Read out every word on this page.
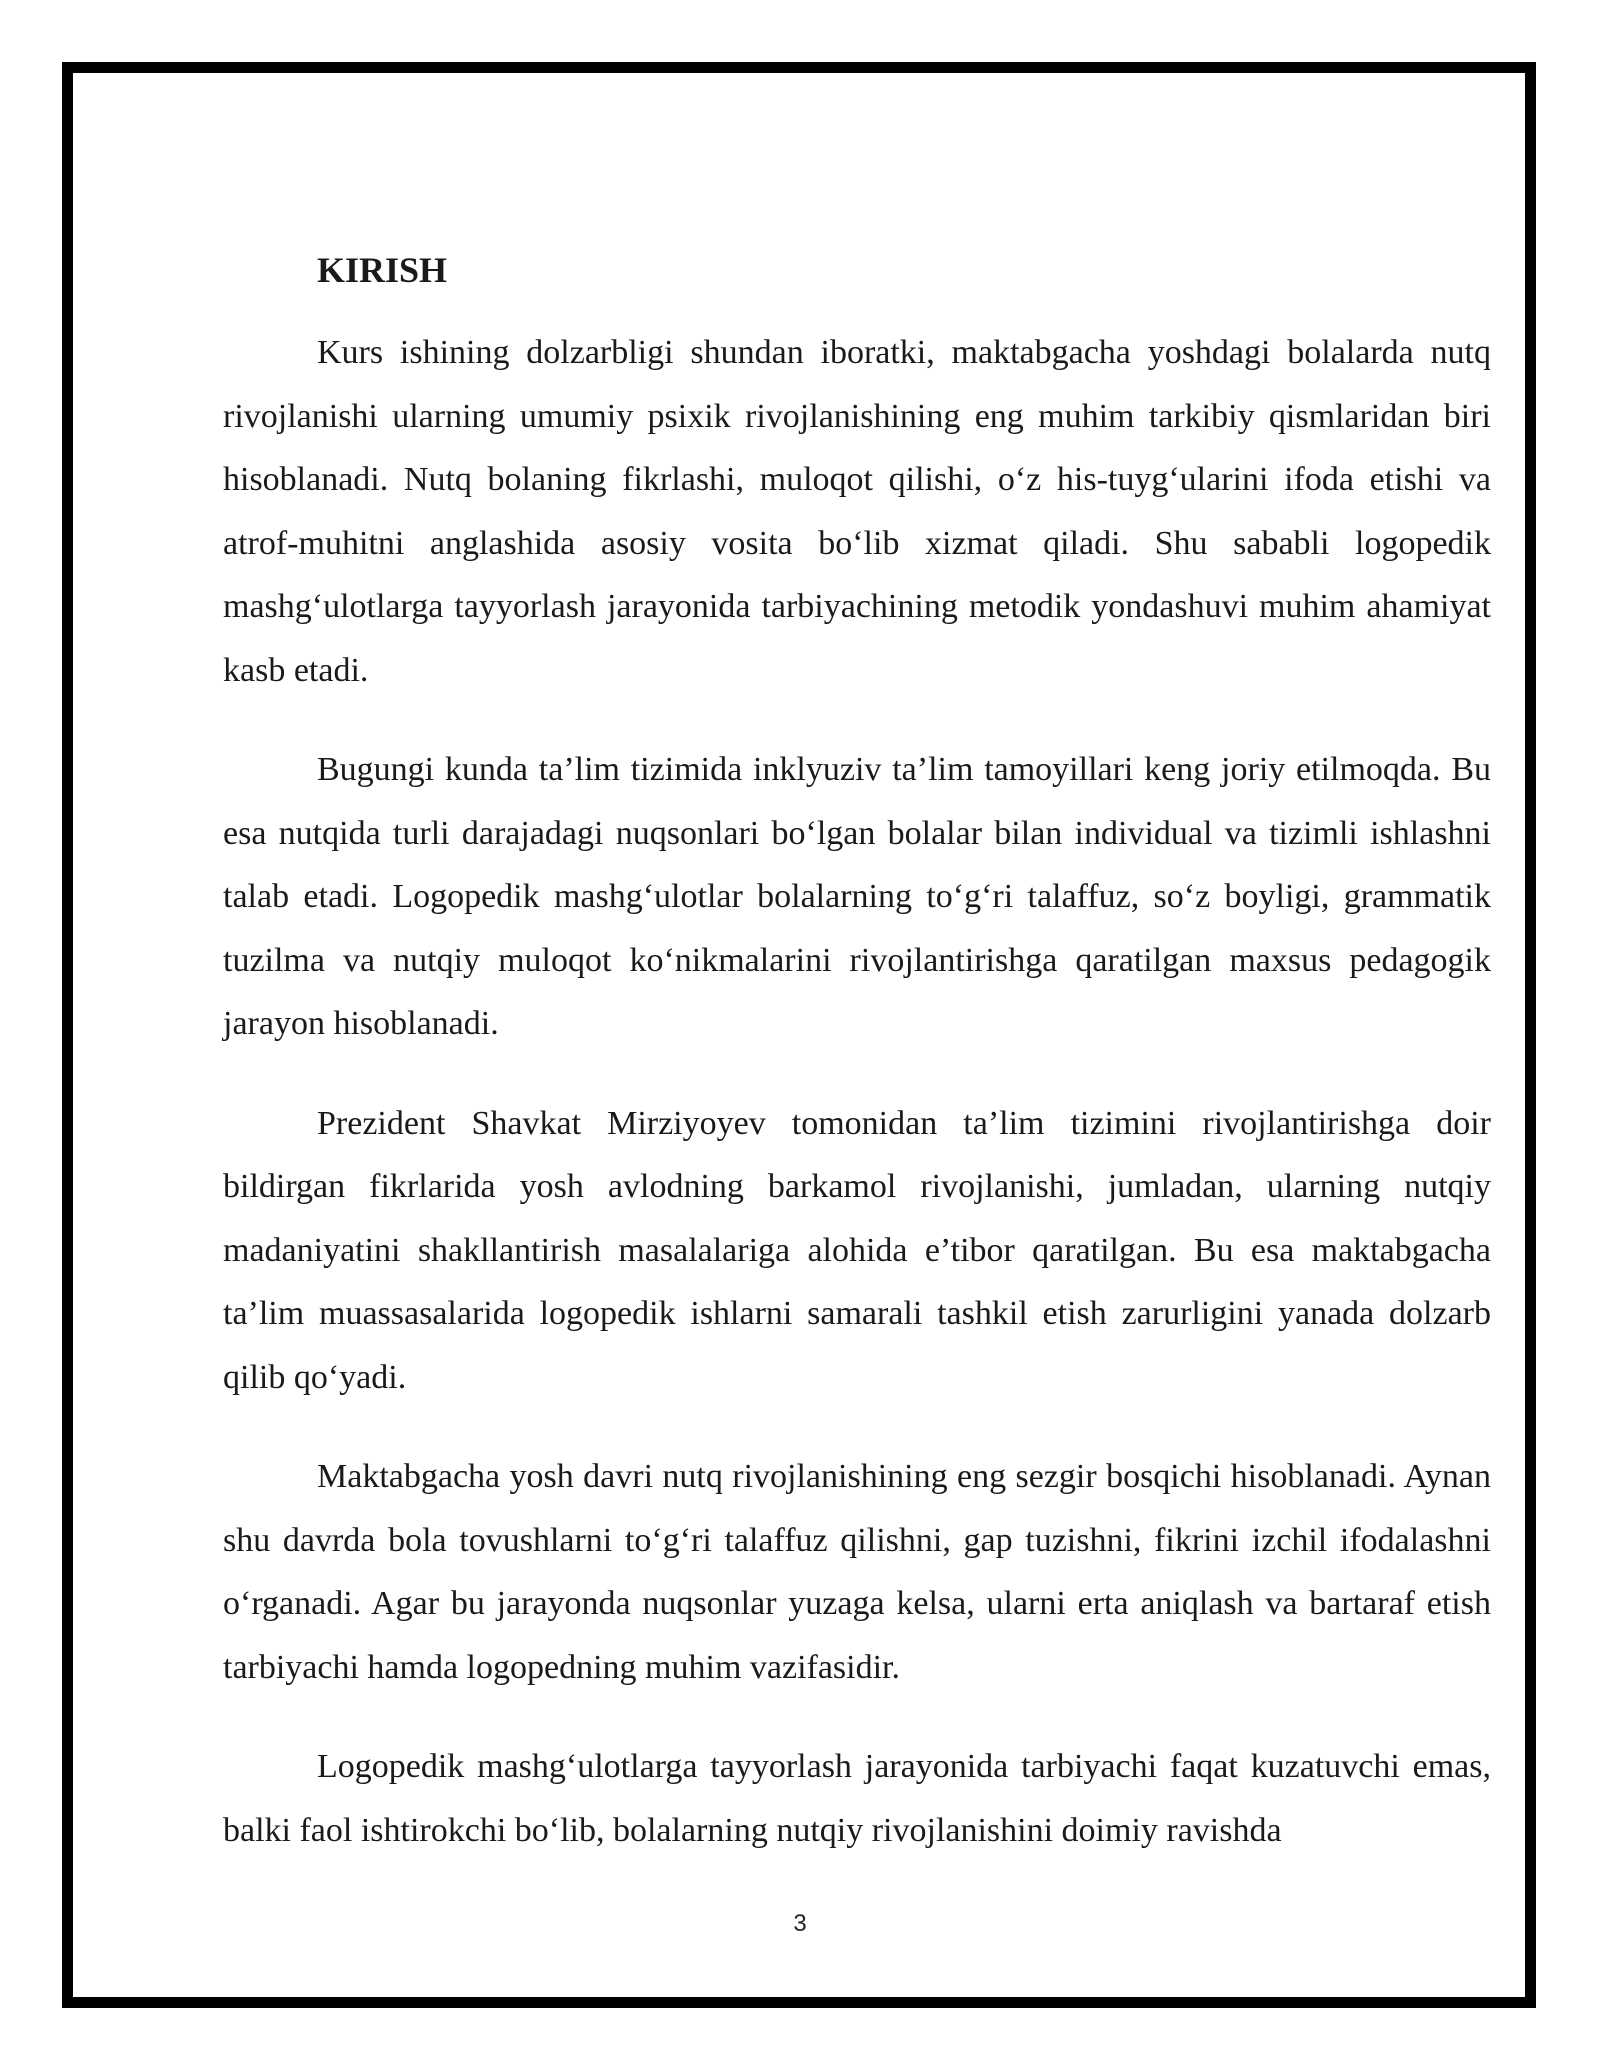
KIRISH

Kurs ishining dolzarbligi shundan iboratki, maktabgacha yoshdagi bolalarda nutq rivojlanishi ularning umumiy psixik rivojlanishining eng muhim tarkibiy qismlaridan biri hisoblanadi. Nutq bolaning fikrlashi, muloqot qilishi, o‘z his-tuyg‘ularini ifoda etishi va atrof-muhitni anglashida asosiy vosita bo‘lib xizmat qiladi. Shu sababli logopedik mashg‘ulotlarga tayyorlash jarayonida tarbiyachining metodik yondashuvi muhim ahamiyat kasb etadi.

Bugungi kunda ta’lim tizimida inklyuziv ta’lim tamoyillari keng joriy etilmoqda. Bu esa nutqida turli darajadagi nuqsonlari bo‘lgan bolalar bilan individual va tizimli ishlashni talab etadi. Logopedik mashg‘ulotlar bolalarning to‘g‘ri talaffuz, so‘z boyligi, grammatik tuzilma va nutqiy muloqot ko‘nikmalarini rivojlantirishga qaratilgan maxsus pedagogik jarayon hisoblanadi.

Prezident Shavkat Mirziyoyev tomonidan ta’lim tizimini rivojlantirishga doir bildirgan fikrlarida yosh avlodning barkamol rivojlanishi, jumladan, ularning nutqiy madaniyatini shakllantirish masalalariga alohida e’tibor qaratilgan. Bu esa maktabgacha ta’lim muassasalarida logopedik ishlarni samarali tashkil etish zarurligini yanada dolzarb qilib qo‘yadi.

Maktabgacha yosh davri nutq rivojlanishining eng sezgir bosqichi hisoblanadi. Aynan shu davrda bola tovushlarni to‘g‘ri talaffuz qilishni, gap tuzishni, fikrini izchil ifodalashni o‘rganadi. Agar bu jarayonda nuqsonlar yuzaga kelsa, ularni erta aniqlash va bartaraf etish tarbiyachi hamda logopedning muhim vazifasidir.

Logopedik mashg‘ulotlarga tayyorlash jarayonida tarbiyachi faqat kuzatuvchi emas, balki faol ishtirokchi bo‘lib, bolalarning nutqiy rivojlanishini doimiy ravishda

3
